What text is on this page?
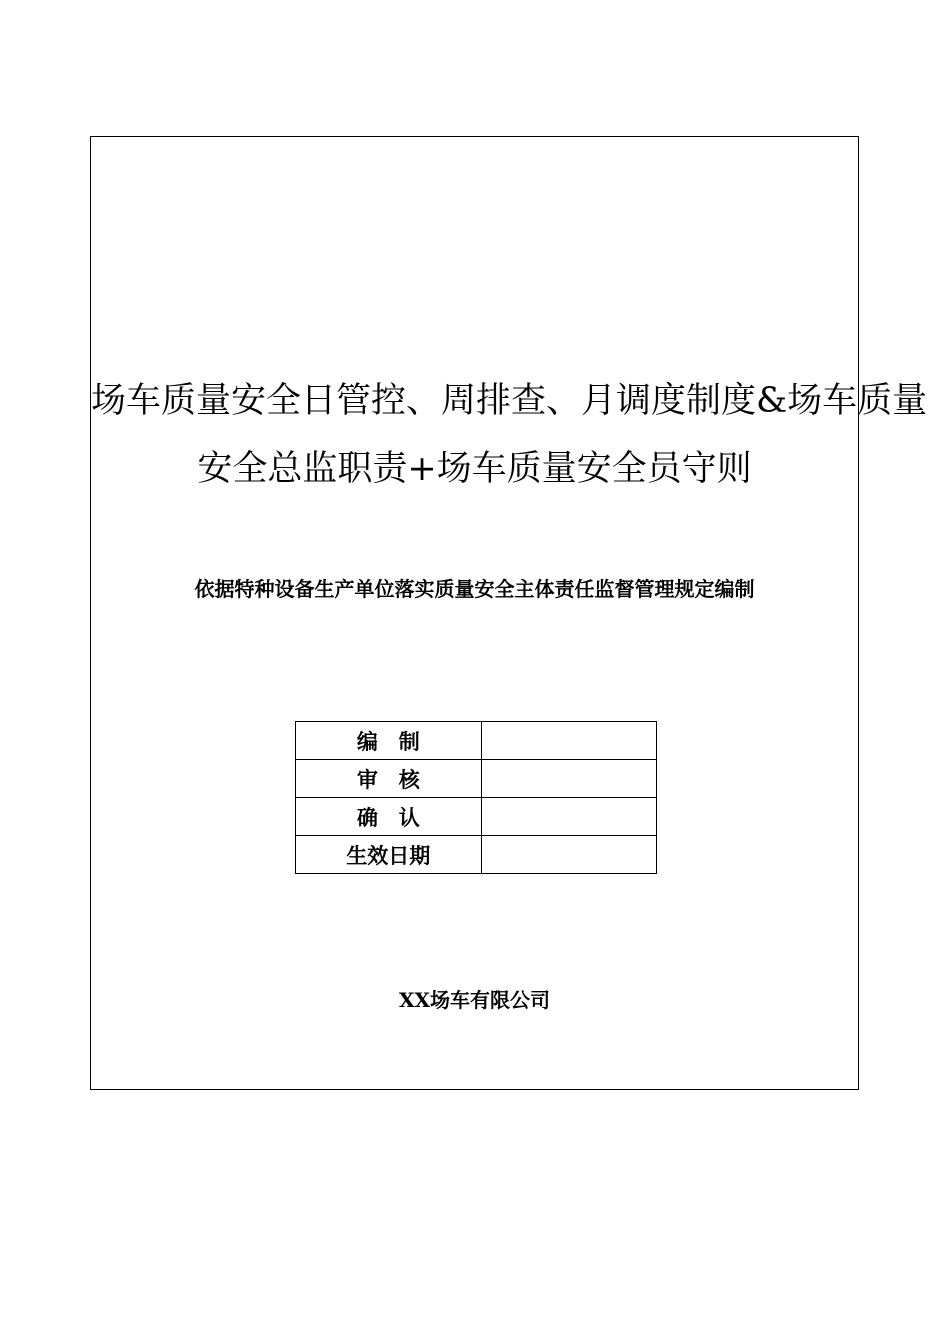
场车质量安全日管控、周排查、月调度制度&场车质量
安全总监职责+场车质量安全员守则
依据特种设备生产单位落实质量安全主体责任监督管理规定编制
编　制	
审　核	
确　认	
生效日期	
XX场车有限公司
